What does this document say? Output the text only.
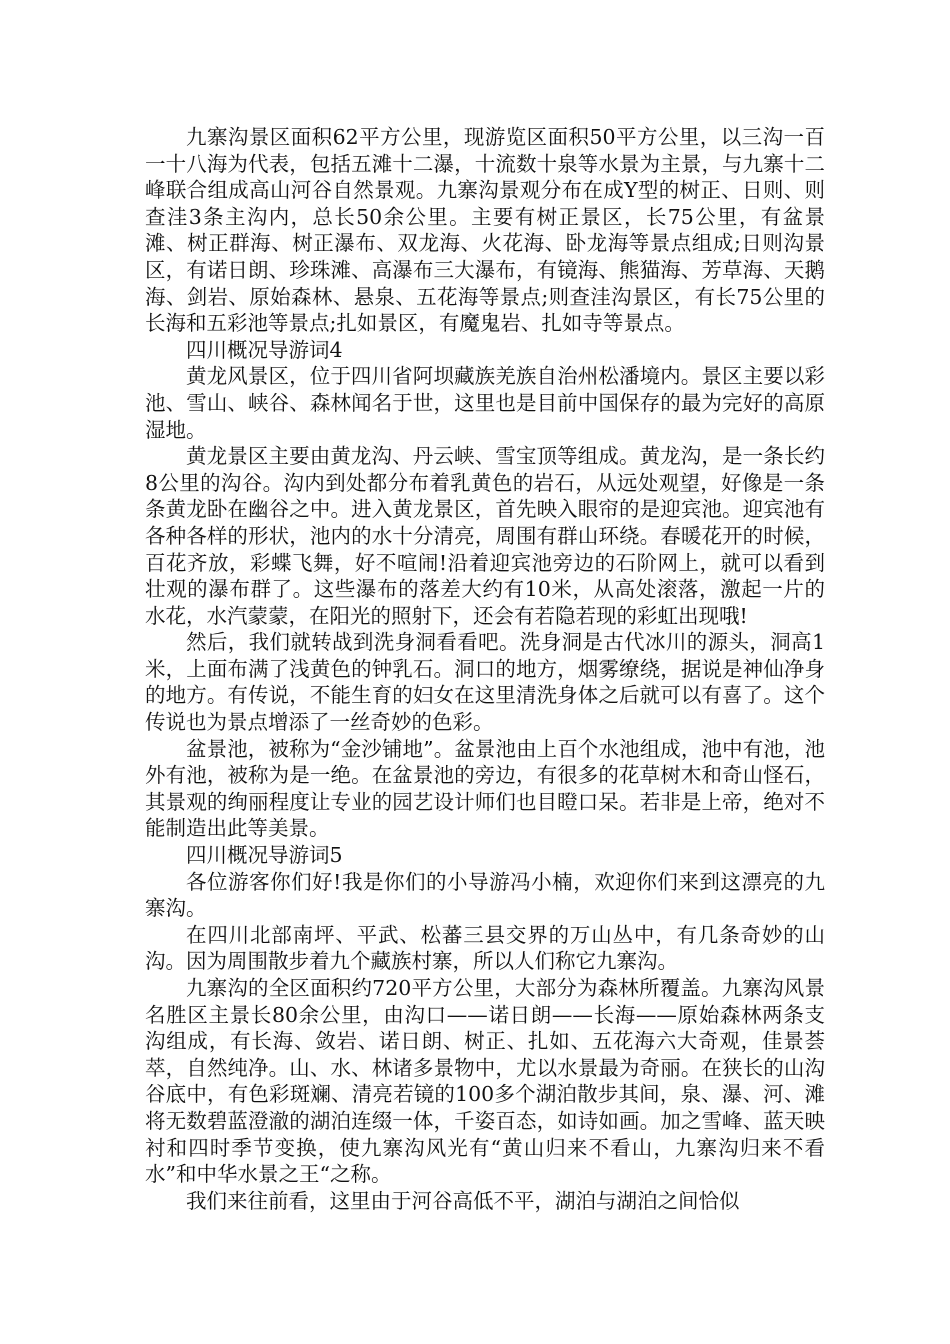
九寨沟景区面积62平方公里，现游览区面积50平方公里，以三沟一百一十八海为代表，包括五滩十二瀑，十流数十泉等水景为主景，与九寨十二峰联合组成高山河谷自然景观。九寨沟景观分布在成Y型的树正、日则、则查洼3条主沟内，总长50余公里。主要有树正景区，长75公里，有盆景滩、树正群海、树正瀑布、双龙海、火花海、卧龙海等景点组成;日则沟景区，有诺日朗、珍珠滩、高瀑布三大瀑布，有镜海、熊猫海、芳草海、天鹅海、剑岩、原始森林、悬泉、五花海等景点;则查洼沟景区，有长75公里的长海和五彩池等景点;扎如景区，有魔鬼岩、扎如寺等景点。

四川概况导游词4

黄龙风景区，位于四川省阿坝藏族羌族自治州松潘境内。景区主要以彩池、雪山、峡谷、森林闻名于世，这里也是目前中国保存的最为完好的高原湿地。

黄龙景区主要由黄龙沟、丹云峡、雪宝顶等组成。黄龙沟，是一条长约8公里的沟谷。沟内到处都分布着乳黄色的岩石，从远处观望，好像是一条条黄龙卧在幽谷之中。进入黄龙景区，首先映入眼帘的是迎宾池。迎宾池有各种各样的形状，池内的水十分清亮，周围有群山环绕。春暖花开的时候，百花齐放，彩蝶飞舞，好不喧闹!沿着迎宾池旁边的石阶网上，就可以看到壮观的瀑布群了。这些瀑布的落差大约有10米，从高处滚落，激起一片的水花，水汽蒙蒙，在阳光的照射下，还会有若隐若现的彩虹出现哦!

然后，我们就转战到洗身洞看看吧。洗身洞是古代冰川的源头，洞高1米，上面布满了浅黄色的钟乳石。洞口的地方，烟雾缭绕，据说是神仙净身的地方。有传说，不能生育的妇女在这里清洗身体之后就可以有喜了。这个传说也为景点增添了一丝奇妙的色彩。

盆景池，被称为“金沙铺地”。盆景池由上百个水池组成，池中有池，池外有池，被称为是一绝。在盆景池的旁边，有很多的花草树木和奇山怪石，其景观的绚丽程度让专业的园艺设计师们也目瞪口呆。若非是上帝，绝对不能制造出此等美景。

四川概况导游词5

各位游客你们好!我是你们的小导游冯小楠，欢迎你们来到这漂亮的九寨沟。

在四川北部南坪、平武、松蕃三县交界的万山丛中，有几条奇妙的山沟。因为周围散步着九个藏族村寨，所以人们称它九寨沟。

九寨沟的全区面积约720平方公里，大部分为森林所覆盖。九寨沟风景名胜区主景长80余公里，由沟口——诺日朗——长海——原始森林两条支沟组成，有长海、敛岩、诺日朗、树正、扎如、五花海六大奇观，佳景荟萃，自然纯净。山、水、林诸多景物中，尤以水景最为奇丽。在狭长的山沟谷底中，有色彩斑斓、清亮若镜的100多个湖泊散步其间，泉、瀑、河、滩将无数碧蓝澄澈的湖泊连缀一体，千姿百态，如诗如画。加之雪峰、蓝天映衬和四时季节变换，使九寨沟风光有“黄山归来不看山，九寨沟归来不看水”和中华水景之王“之称。

我们来往前看，这里由于河谷高低不平，湖泊与湖泊之间恰似
